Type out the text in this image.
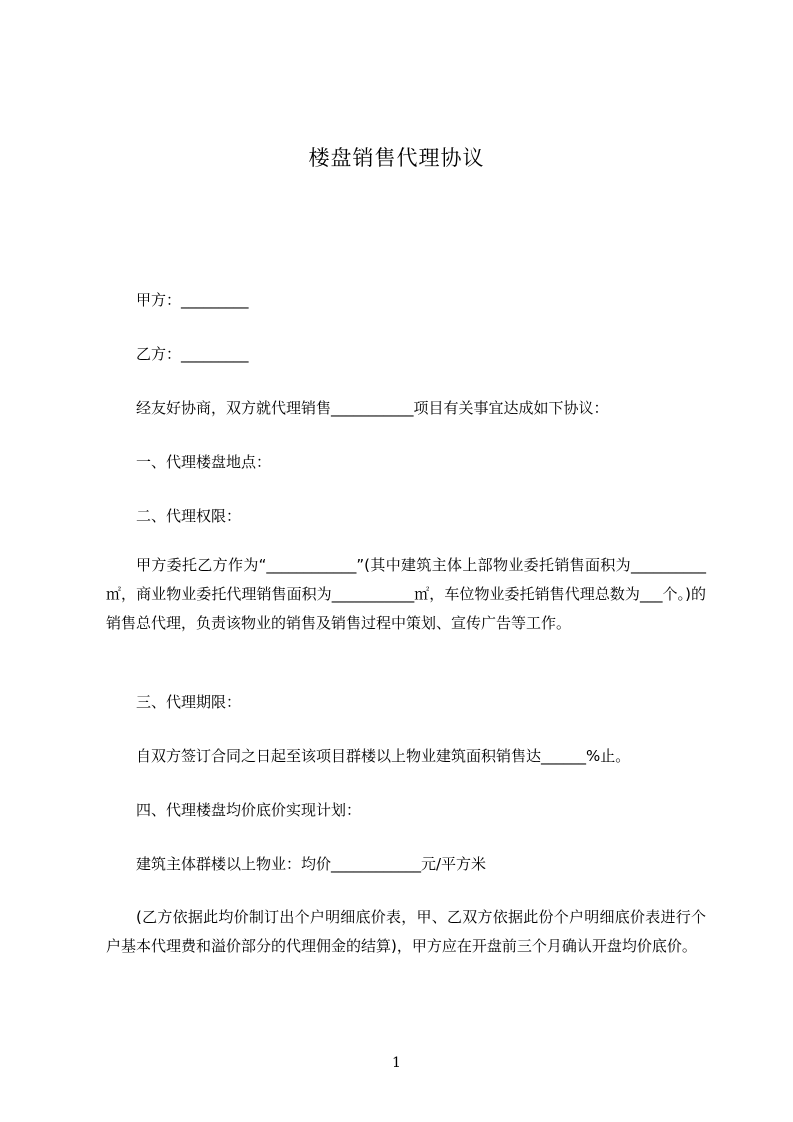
楼盘销售代理协议
甲方：_________
乙方：_________
经友好协商，双方就代理销售___________项目有关事宜达成如下协议：
一、代理楼盘地点：
二、代理权限：
甲方委托乙方作为“____________”(其中建筑主体上部物业委托销售面积为__________㎡，商业物业委托代理销售面积为___________㎡，车位物业委托销售代理总数为___个。)的销售总代理，负责该物业的销售及销售过程中策划、宣传广告等工作。
三、代理期限：
自双方签订合同之日起至该项目群楼以上物业建筑面积销售达______%止。
四、代理楼盘均价底价实现计划：
建筑主体群楼以上物业：均价____________元/平方米
(乙方依据此均价制订出个户明细底价表，甲、乙双方依据此份个户明细底价表进行个户基本代理费和溢价部分的代理佣金的结算)，甲方应在开盘前三个月确认开盘均价底价。
1
